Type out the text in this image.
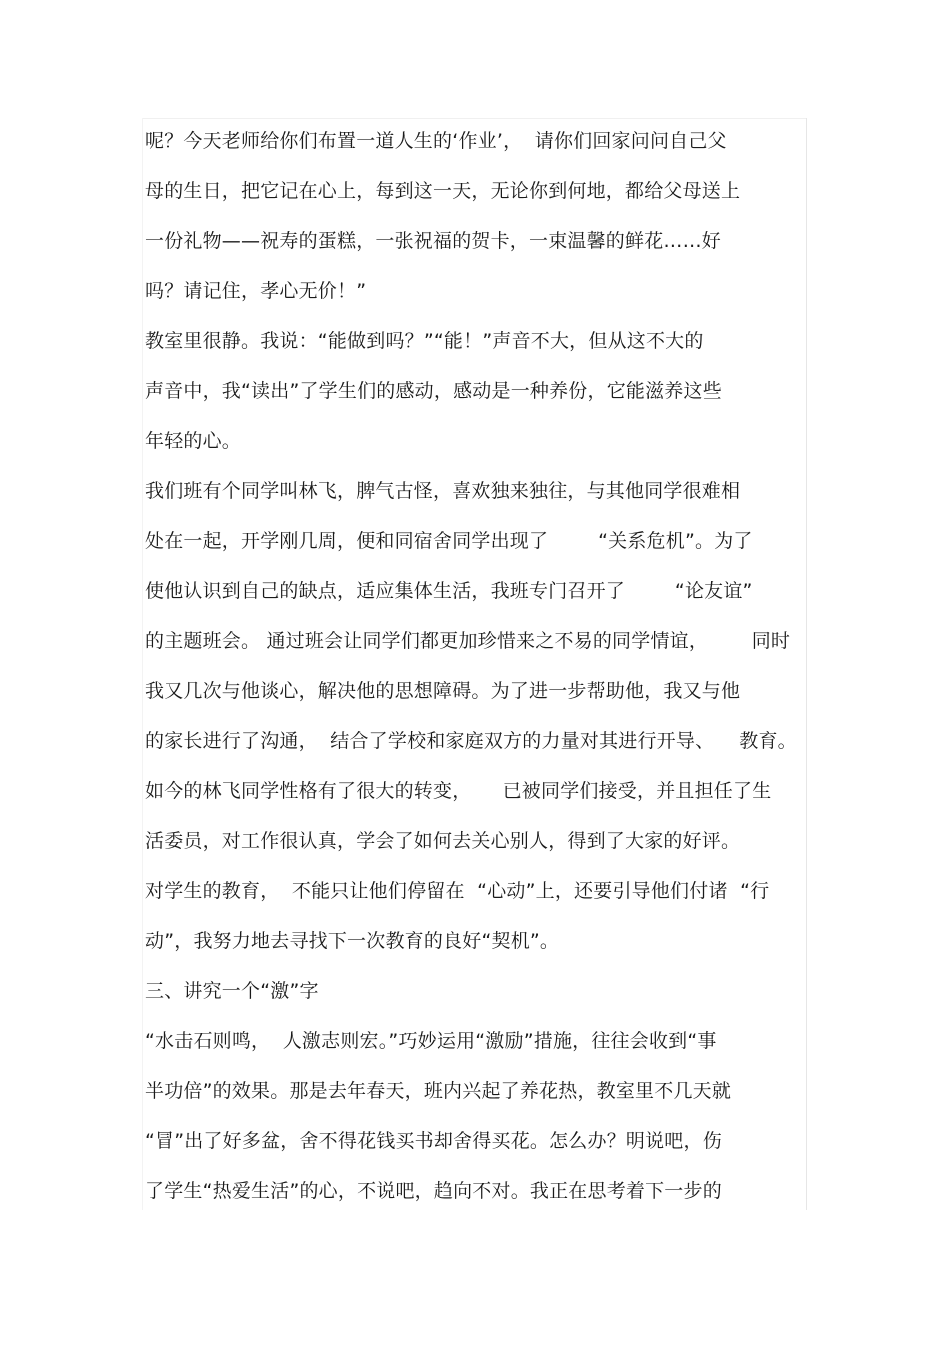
呢？今天老师给你们布置一道人生的‘作业’，  请你们回家问问自己父
母的生日，把它记在心上，每到这一天，无论你到何地，都给父母送上
一份礼物——祝寿的蛋糕，一张祝福的贺卡，一束温馨的鲜花……好
吗？请记住，孝心无价！”
教室里很静。我说：“能做到吗？”“能！”声音不大，但从这不大的
声音中，我“读出”了学生们的感动，感动是一种养份，它能滋养这些
年轻的心。
我们班有个同学叫林飞，脾气古怪，喜欢独来独往，与其他同学很难相
处在一起，开学刚几周，便和同宿舍同学出现了        “关系危机”。为了
使他认识到自己的缺点，适应集体生活，我班专门召开了        “论友谊”
的主题班会。 通过班会让同学们都更加珍惜来之不易的同学情谊，       同时
我又几次与他谈心，解决他的思想障碍。为了进一步帮助他，我又与他
的家长进行了沟通，  结合了学校和家庭双方的力量对其进行开导、    教育。
如今的林飞同学性格有了很大的转变，     已被同学们接受，并且担任了生
活委员，对工作很认真，学会了如何去关心别人，得到了大家的好评。
对学生的教育，  不能只让他们停留在  “心动”上，还要引导他们付诸  “行
动”，我努力地去寻找下一次教育的良好“契机”。
三、讲究一个“激”字
“水击石则鸣，  人激志则宏。”巧妙运用“激励”措施，往往会收到“事
半功倍”的效果。那是去年春天，班内兴起了养花热，教室里不几天就
“冒”出了好多盆，舍不得花钱买书却舍得买花。怎么办？明说吧，伤
了学生“热爱生活”的心，不说吧，趋向不对。我正在思考着下一步的
